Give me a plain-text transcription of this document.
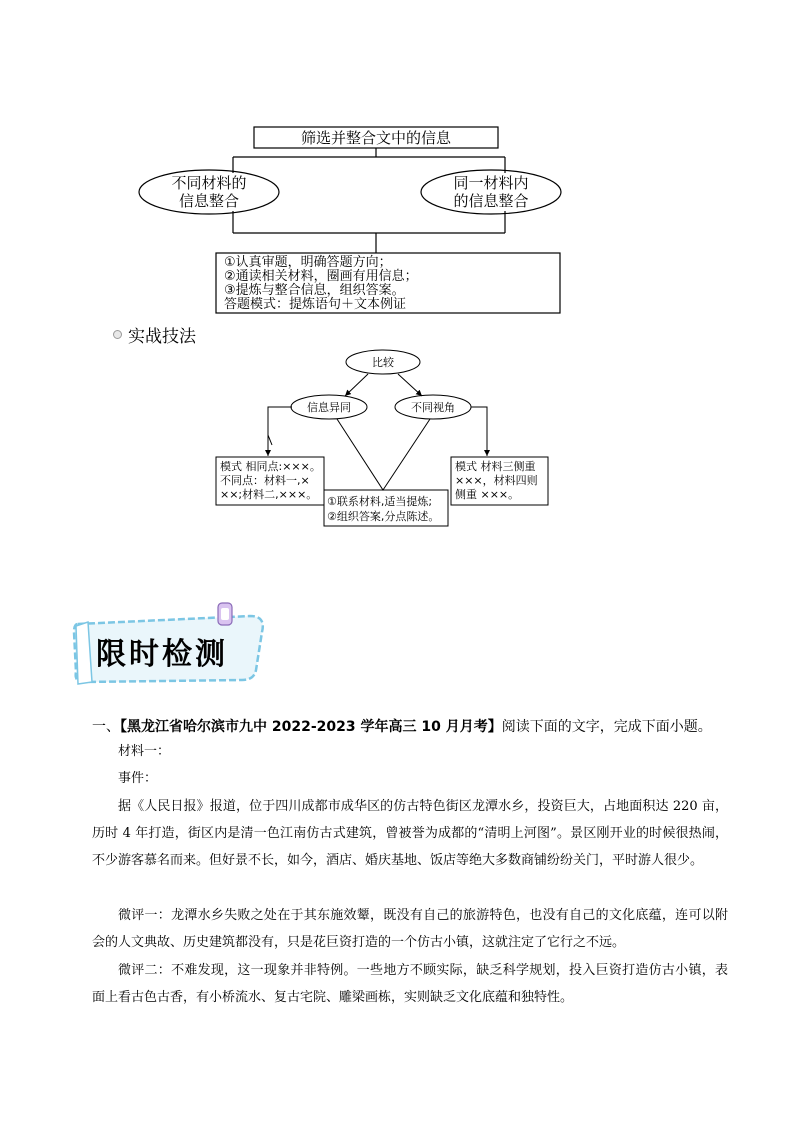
筛选并整合文中的信息
不同材料的
信息整合
同一材料内
的信息整合
①认真审题，明确答题方向；
②通读相关材料，圈画有用信息；
③提炼与整合信息，组织答案。
答题模式：提炼语句＋文本例证
实战技法
比较
信息异同	不同视角
模式 相同点:×××。
不同点：材料一,×
××;材料二,×××。
①联系材料,适当提炼;
②组织答案,分点陈述。
模式 材料三侧重
×××，材料四则
侧重 ×××。
限时检测
一、【黑龙江省哈尔滨市九中 2022-2023 学年高三 10 月月考】阅读下面的文字，完成下面小题。
材料一：
事件：
据《人民日报》报道，位于四川成都市成华区的仿古特色街区龙潭水乡，投资巨大，占地面积达 220 亩，历时 4 年打造，街区内是清一色江南仿古式建筑，曾被誉为成都的“清明上河图”。景区刚开业的时候很热闹，不少游客慕名而来。但好景不长，如今，酒店、婚庆基地、饭店等绝大多数商铺纷纷关门，平时游人很少。
微评一：龙潭水乡失败之处在于其东施效颦，既没有自己的旅游特色，也没有自己的文化底蕴，连可以附会的人文典故、历史建筑都没有，只是花巨资打造的一个仿古小镇，这就注定了它行之不远。
微评二：不难发现，这一现象并非特例。一些地方不顾实际，缺乏科学规划，投入巨资打造仿古小镇，表面上看古色古香，有小桥流水、复古宅院、雕梁画栋，实则缺乏文化底蕴和独特性。
